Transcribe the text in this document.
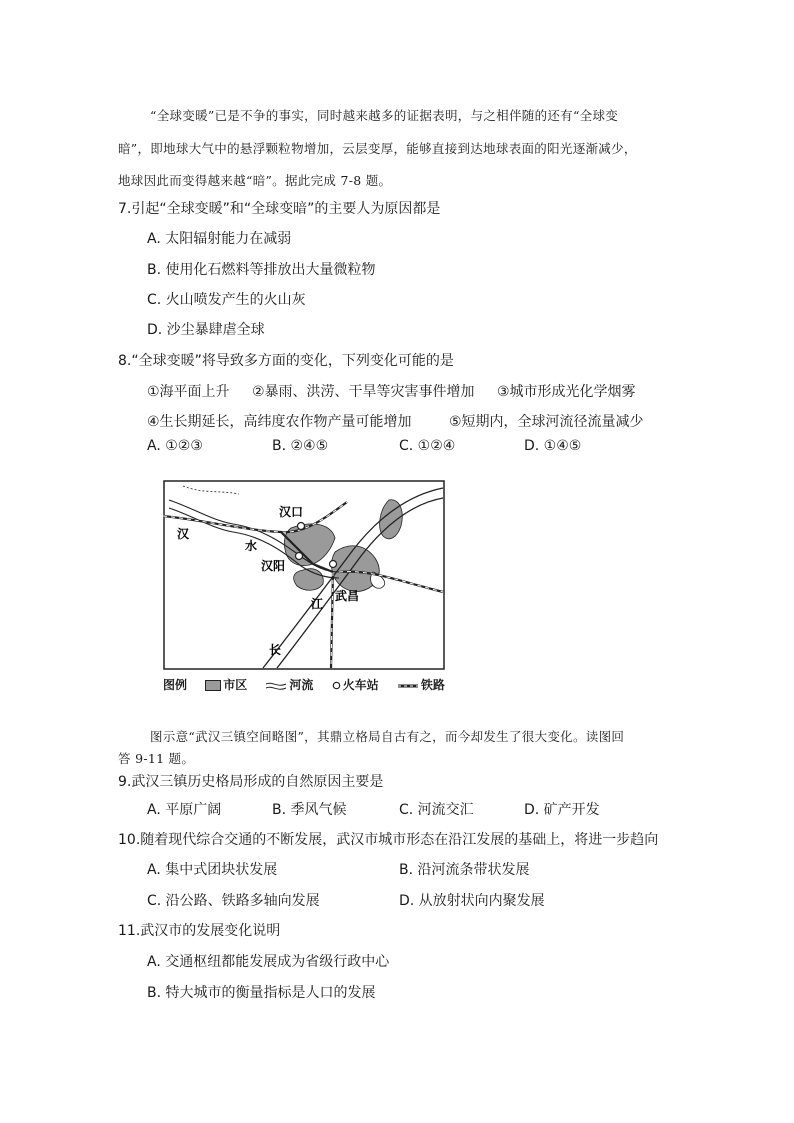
“全球变暖”已是不争的事实，同时越来越多的证据表明，与之相伴随的还有“全球变
暗”，即地球大气中的悬浮颗粒物增加，云层变厚，能够直接到达地球表面的阳光逐渐减少，
地球因此而变得越来越“暗”。据此完成 7-8 题。
7.引起“全球变暖”和“全球变暗”的主要人为原因都是
A. 太阳辐射能力在减弱
B. 使用化石燃料等排放出大量微粒物
C. 火山喷发产生的火山灰
D. 沙尘暴肆虐全球
8.“全球变暖”将导致多方面的变化，下列变化可能的是
①海平面上升 ②暴雨、洪涝、干旱等灾害事件增加 ③城市形成光化学烟雾
④生长期延长，高纬度农作物产量可能增加	⑤短期内，全球河流径流量减少
A. ①②③	B. ②④⑤	C. ①②④	D. ①④⑤
汉口
汉阳
武昌
汉
水
江
长
图例	市区	河流 火车站	铁路
图示意“武汉三镇空间略图”，其鼎立格局自古有之，而今却发生了很大变化。读图回
答 9-11 题。
9.武汉三镇历史格局形成的自然原因主要是
A. 平原广阔	B. 季风气候	C. 河流交汇	D. 矿产开发
10.随着现代综合交通的不断发展，武汉市城市形态在沿江发展的基础上，将进一步趋向
A. 集中式团块状发展	B. 沿河流条带状发展
C. 沿公路、铁路多轴向发展	D. 从放射状向内聚发展
11.武汉市的发展变化说明
A. 交通枢纽都能发展成为省级行政中心
B. 特大城市的衡量指标是人口的发展
